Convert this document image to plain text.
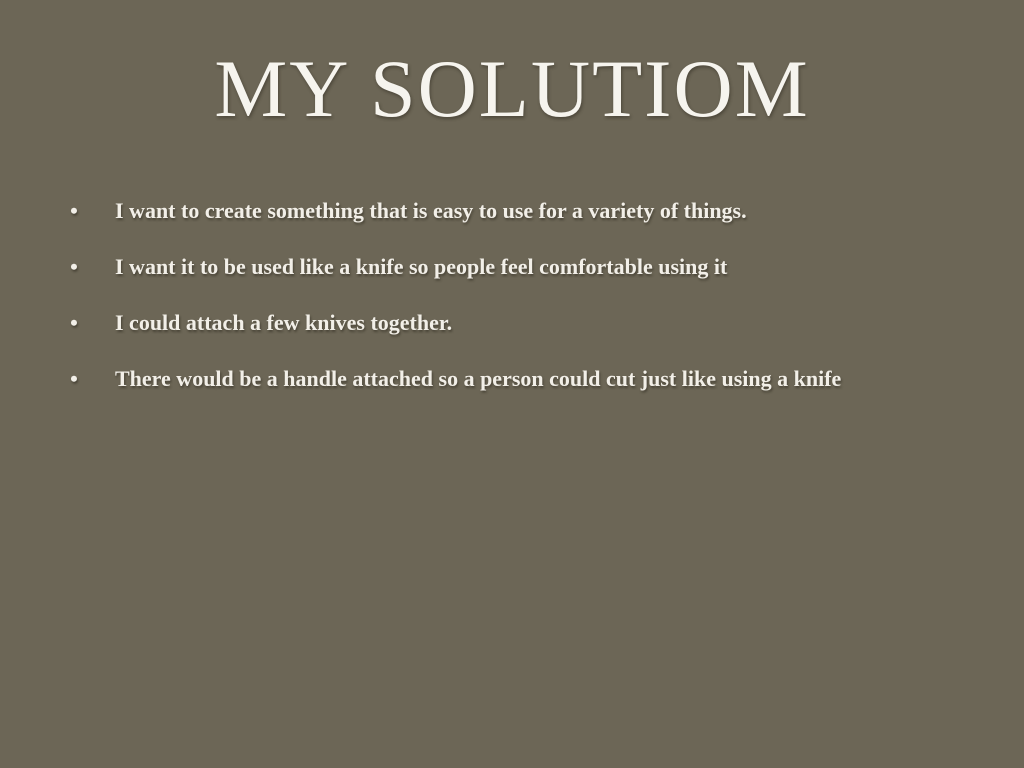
MY SOLUTIOM
• I want to create something that is easy to use for a variety of things.
• I want it to be used like a knife so people feel comfortable using it
• I could attach a few knives together.
• There would be a handle attached so a person could cut just like using a knife
